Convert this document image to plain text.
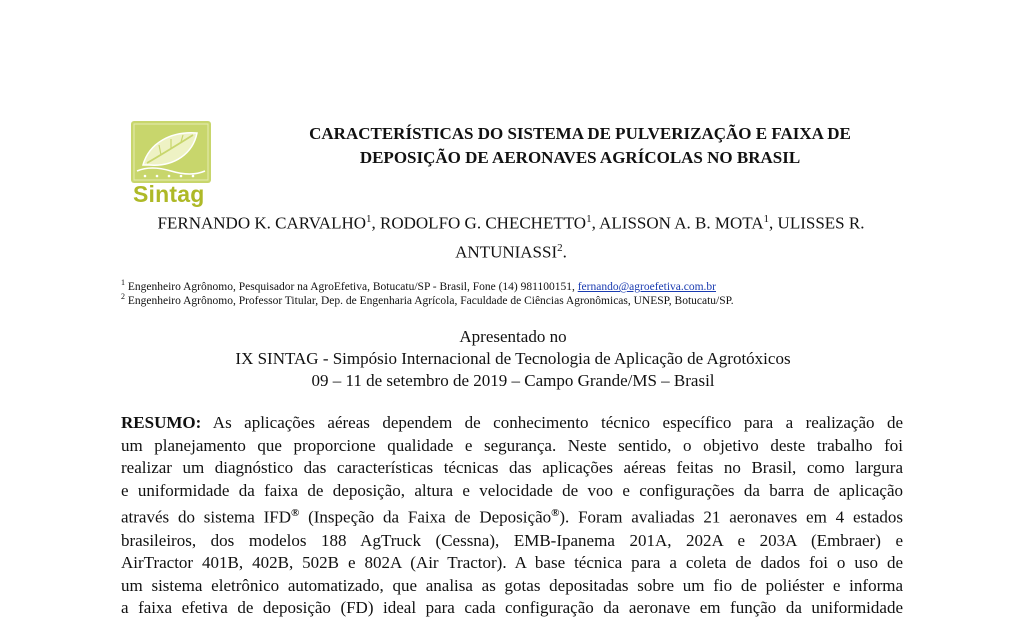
Sintag
CARACTERÍSTICAS DO SISTEMA DE PULVERIZAÇÃO E FAIXA DE
DEPOSIÇÃO DE AERONAVES AGRÍCOLAS NO BRASIL
FERNANDO K. CARVALHO$^1$, RODOLFO G. CHECHETTO$^1$, ALISSON A. B. MOTA$^1$, ULISSES R. ANTUNIASSI$^2$.
$^1$ Engenheiro Agrônomo, Pesquisador na AgroEfetiva, Botucatu/SP - Brasil, Fone (14) 981100151, fernando@agroefetiva.com.br
$^2$ Engenheiro Agrônomo, Professor Titular, Dep. de Engenharia Agrícola, Faculdade de Ciências Agronômicas, UNESP, Botucatu/SP.
Apresentado no
IX SINTAG - Simpósio Internacional de Tecnologia de Aplicação de Agrotóxicos
09 – 11 de setembro de 2019 – Campo Grande/MS – Brasil
RESUMO: As aplicações aéreas dependem de conhecimento técnico específico para a realização de
um planejamento que proporcione qualidade e segurança. Neste sentido, o objetivo deste trabalho foi
realizar um diagnóstico das características técnicas das aplicações aéreas feitas no Brasil, como largura
e uniformidade da faixa de deposição, altura e velocidade de voo e configurações da barra de aplicação
através do sistema IFD® (Inspeção da Faixa de Deposição®). Foram avaliadas 21 aeronaves em 4 estados
brasileiros, dos modelos 188 AgTruck (Cessna), EMB-Ipanema 201A, 202A e 203A (Embraer) e
AirTractor 401B, 402B, 502B e 802A (Air Tractor). A base técnica para a coleta de dados foi o uso de
um sistema eletrônico automatizado, que analisa as gotas depositadas sobre um fio de poliéster e informa
a faixa efetiva de deposição (FD) ideal para cada configuração da aeronave em função da uniformidade
